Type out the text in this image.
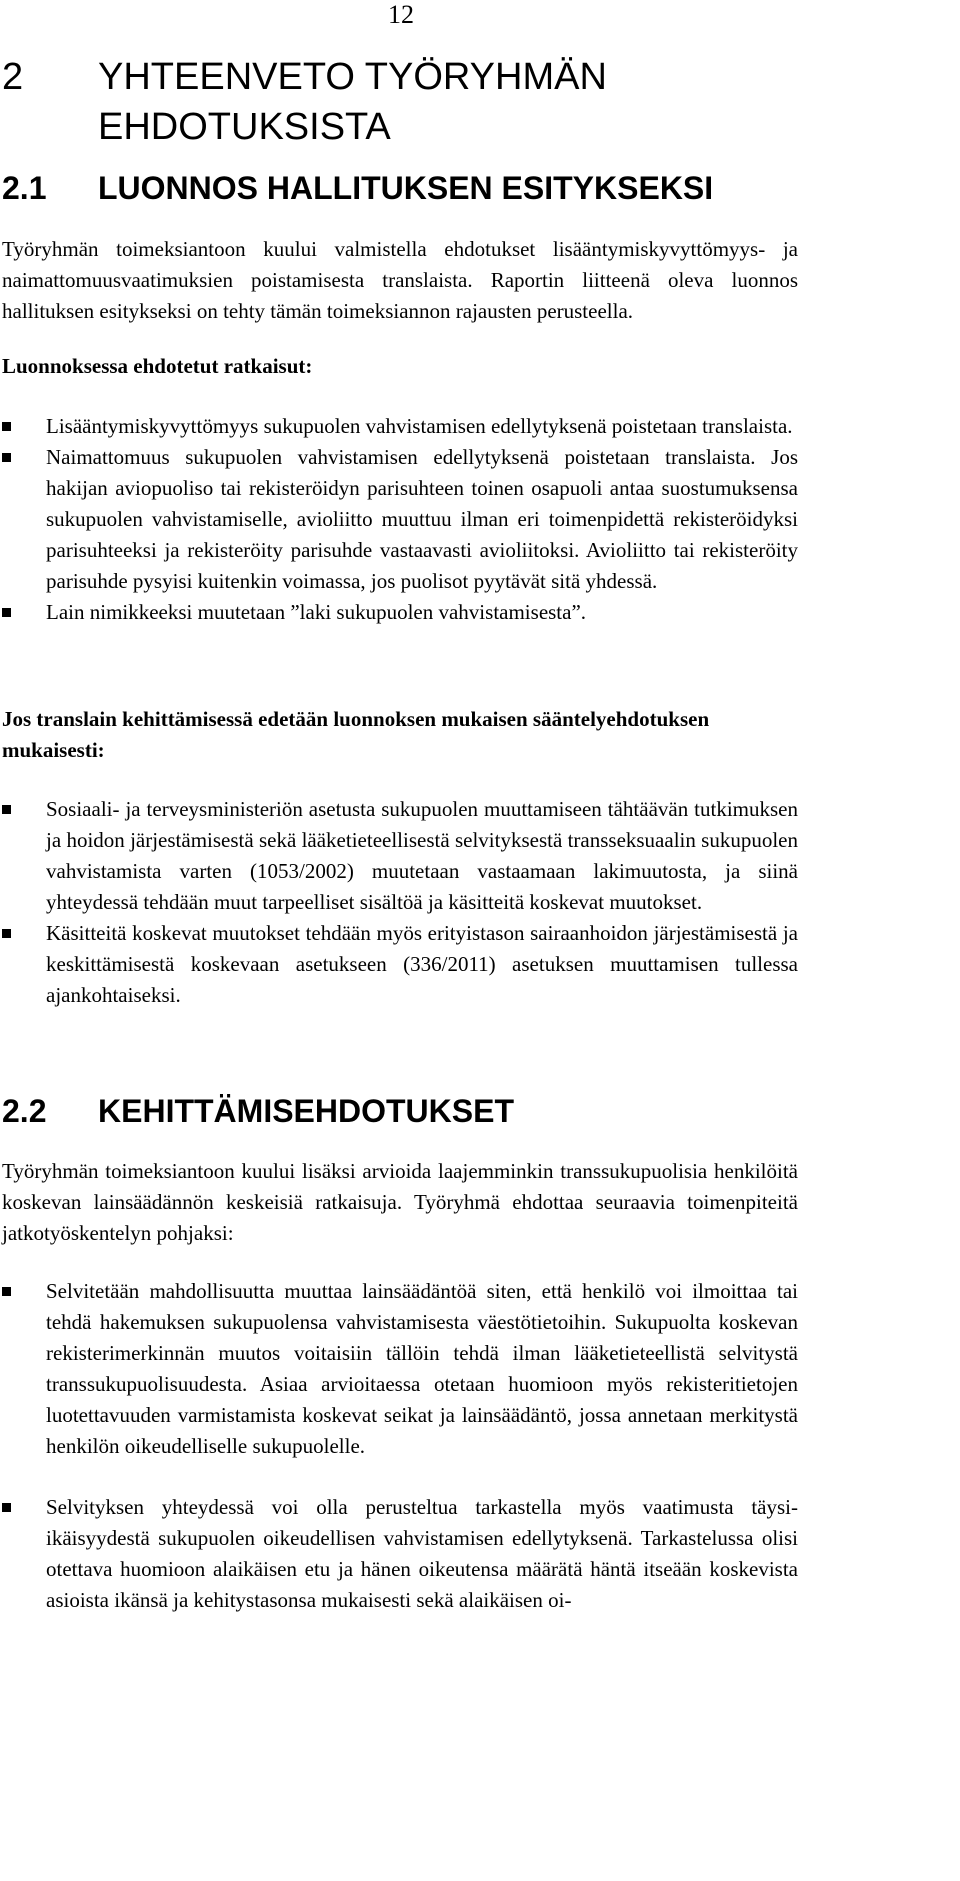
12
2 YHTEENVETO TYÖRYHMÄN EHDOTUKSISTA
2.1 LUONNOS HALLITUKSEN ESITYKSEKSI

Työryhmän toimeksiantoon kuului valmistella ehdotukset lisääntymiskyvyttömyys- ja naimattomuusvaatimuksien poistamisesta translaista. Raportin liitteenä oleva luonnos hallituksen esitykseksi on tehty tämän toimeksiannon rajausten perusteella.

Luonnoksessa ehdotetut ratkaisut:
Lisääntymiskyvyttömyys sukupuolen vahvistamisen edellytyksenä poistetaan translaista.
Naimattomuus sukupuolen vahvistamisen edellytyksenä poistetaan translaista. Jos hakijan aviopuoliso tai rekisteröidyn parisuhteen toinen osapuoli antaa suostumuksensa sukupuolen vahvistamiselle, avioliitto muuttuu ilman eri toimenpidettä rekisteröidyksi parisuhteeksi ja rekisteröity parisuhde vastaavasti avioliitoksi. Avioliitto tai rekisteröity parisuhde pysyisi kuitenkin voimassa, jos puolisot pyytävät sitä yhdessä.
Lain nimikkeeksi muutetaan ”laki sukupuolen vahvistamisesta”.
Jos translain kehittämisessä edetään luonnoksen mukaisen sääntelyehdotuksen mukaisesti:
Sosiaali- ja terveysministeriön asetusta sukupuolen muuttamiseen tähtäävän tutkimuksen ja hoidon järjestämisestä sekä lääketieteellisestä selvityksestä transseksuaalin sukupuolen vahvistamista varten (1053/2002) muutetaan vastaamaan lakimuutosta, ja siinä yhteydessä tehdään muut tarpeelliset sisältöä ja käsitteitä koskevat muutokset.
Käsitteitä koskevat muutokset tehdään myös erityistason sairaanhoidon järjestämisestä ja keskittämisestä koskevaan asetukseen (336/2011) asetuksen muuttamisen tullessa ajankohtaiseksi.
2.2 KEHITTÄMISEHDOTUKSET

Työryhmän toimeksiantoon kuului lisäksi arvioida laajemminkin transsukupuolisia henkilöitä koskevan lainsäädännön keskeisiä ratkaisuja. Työryhmä ehdottaa seuraavia toimenpiteitä jatkotyöskentelyn pohjaksi:

Selvitetään mahdollisuutta muuttaa lainsäädäntöä siten, että henkilö voi ilmoittaa tai tehdä hakemuksen sukupuolensa vahvistamisesta väestötietoihin. Sukupuolta koskevan rekisterimerkinnän muutos voitaisiin tällöin tehdä ilman lääketieteellistä selvitystä transsukupuolisuudesta. Asiaa arvioitaessa otetaan huomioon myös rekisteritietojen luotettavuuden varmistamista koskevat seikat ja lainsäädäntö, jossa annetaan merkitystä henkilön oikeudelliselle sukupuolelle.
Selvityksen yhteydessä voi olla perusteltua tarkastella myös vaatimusta täysi-ikäisyydestä sukupuolen oikeudellisen vahvistamisen edellytyksenä. Tarkastelussa olisi otettava huomioon alaikäisen etu ja hänen oikeutensa määrätä häntä itseään koskevista asioista ikänsä ja kehitystasonsa mukaisesti sekä alaikäisen oi-
